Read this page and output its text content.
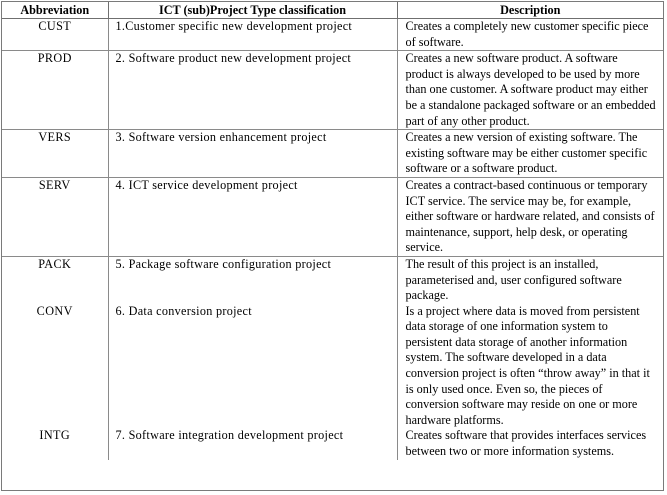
Abbreviation	ICT (sub)Project Type classification	Description
CUST	1.Customer specific new development project	Creates a completely new customer specific piece of software.
PROD	2. Software product new development project	Creates a new software product. A software product is always developed to be used by more than one customer. A software product may either be a standalone packaged software or an embedded part of any other product.
VERS	3. Software version enhancement project	Creates a new version of existing software. The existing software may be either customer specific software or a software product.
SERV	4. ICT service development project	Creates a contract-based continuous or temporary ICT service. The service may be, for example, either software or hardware related, and consists of maintenance, support, help desk, or operating service.
PACK	5. Package software configuration project	The result of this project is an installed, parameterised and, user configured software package.
CONV	6. Data conversion project	Is a project where data is moved from persistent data storage of one information system to persistent data storage of another information system. The software developed in a data conversion project is often “throw away” in that it is only used once. Even so, the pieces of conversion software may reside on one or more hardware platforms.
INTG	7. Software integration development project	Creates software that provides interfaces services between two or more information systems.
